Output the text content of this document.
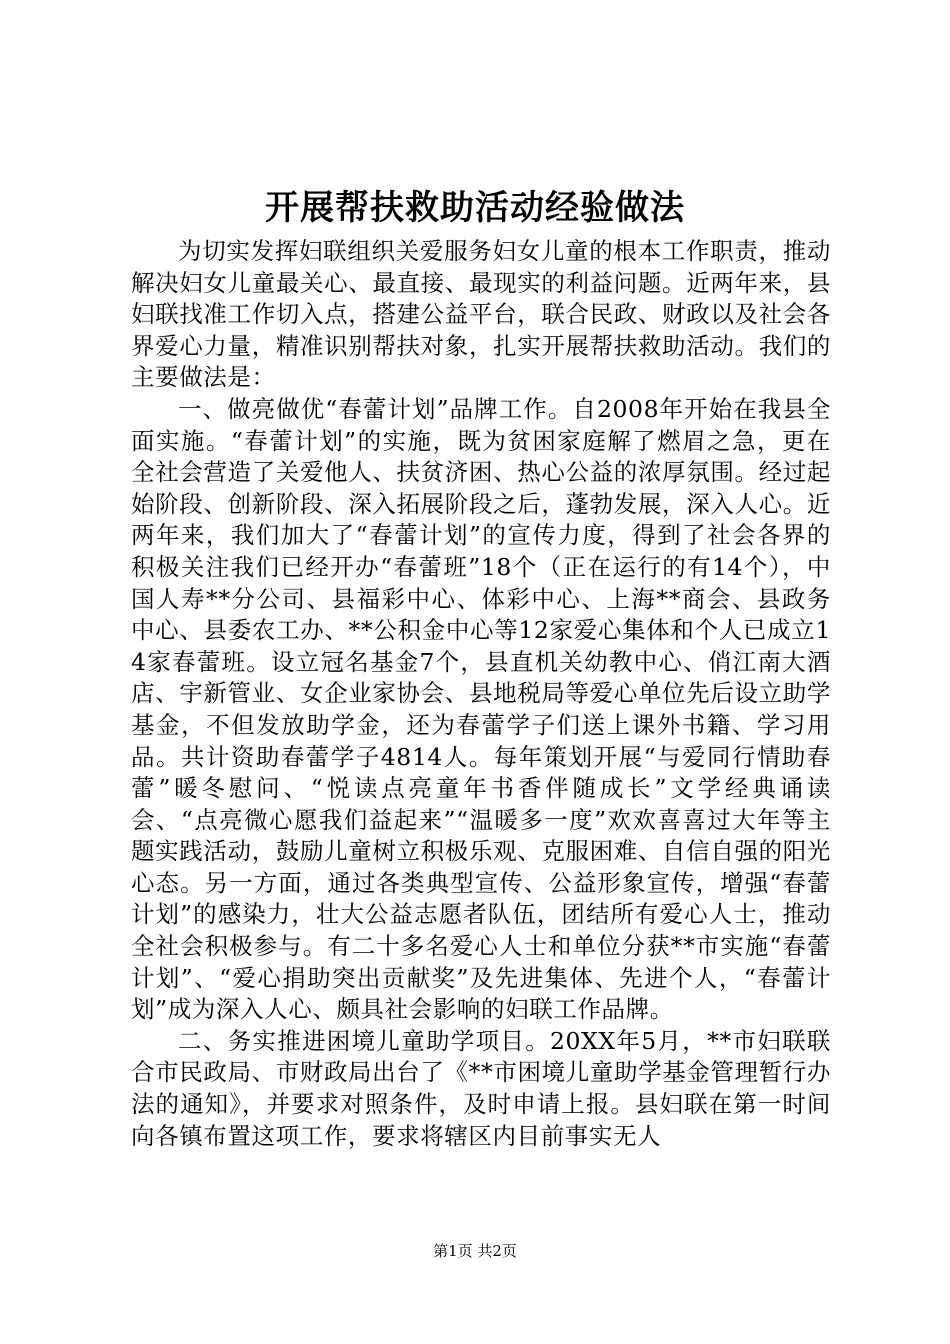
开展帮扶救助活动经验做法

为切实发挥妇联组织关爱服务妇女儿童的根本工作职责，推动解决妇女儿童最关心、最直接、最现实的利益问题。近两年来，县妇联找准工作切入点，搭建公益平台，联合民政、财政以及社会各界爱心力量，精准识别帮扶对象，扎实开展帮扶救助活动。我们的主要做法是：

一、做亮做优“春蕾计划”品牌工作。自2008年开始在我县全面实施。“春蕾计划”的实施，既为贫困家庭解了燃眉之急，更在全社会营造了关爱他人、扶贫济困、热心公益的浓厚氛围。经过起始阶段、创新阶段、深入拓展阶段之后，蓬勃发展，深入人心。近两年来，我们加大了“春蕾计划”的宣传力度，得到了社会各界的积极关注我们已经开办“春蕾班”18个（正在运行的有14个），中国人寿**分公司、县福彩中心、体彩中心、上海**商会、县政务中心、县委农工办、**公积金中心等12家爱心集体和个人已成立14家春蕾班。设立冠名基金7个，县直机关幼教中心、俏江南大酒店、宇新管业、女企业家协会、县地税局等爱心单位先后设立助学基金，不但发放助学金，还为春蕾学子们送上课外书籍、学习用品。共计资助春蕾学子4814人。每年策划开展“与爱同行情助春蕾”暖冬慰问、“悦读点亮童年书香伴随成长”文学经典诵读会、“点亮微心愿我们益起来”“温暖多一度”欢欢喜喜过大年等主题实践活动，鼓励儿童树立积极乐观、克服困难、自信自强的阳光心态。另一方面，通过各类典型宣传、公益形象宣传，增强“春蕾计划”的感染力，壮大公益志愿者队伍，团结所有爱心人士，推动全社会积极参与。有二十多名爱心人士和单位分获**市实施“春蕾计划”、“爱心捐助突出贡献奖”及先进集体、先进个人，“春蕾计划”成为深入人心、颇具社会影响的妇联工作品牌。

二、务实推进困境儿童助学项目。20XX年5月，**市妇联联合市民政局、市财政局出台了《**市困境儿童助学基金管理暂行办法的通知》，并要求对照条件，及时申请上报。县妇联在第一时间向各镇布置这项工作，要求将辖区内目前事实无人

第1页 共2页
